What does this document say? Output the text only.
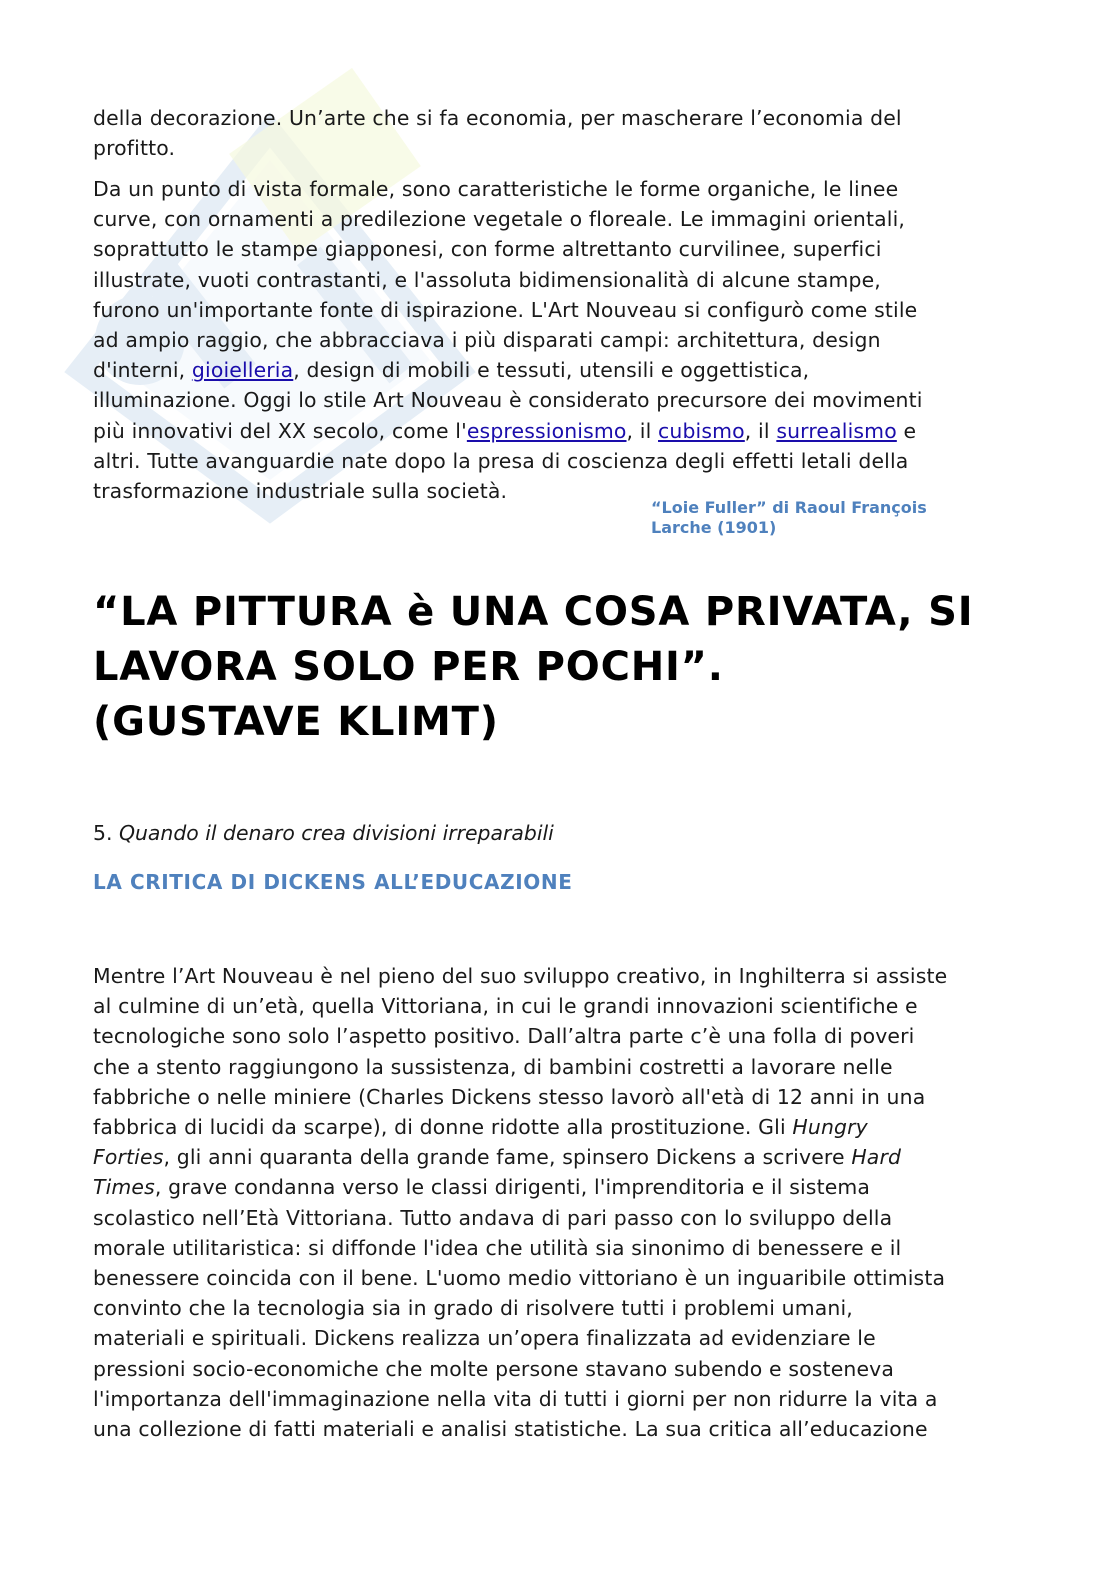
della decorazione. Un’arte che si fa economia, per mascherare l’economia del

profitto.

Da un punto di vista formale, sono caratteristiche le forme organiche, le linee

curve, con ornamenti a predilezione vegetale o floreale. Le immagini orientali,

soprattutto le stampe giapponesi, con forme altrettanto curvilinee, superfici

illustrate, vuoti contrastanti, e l'assoluta bidimensionalità di alcune stampe,

furono un'importante fonte di ispirazione. L'Art Nouveau si configurò come stile

ad ampio raggio, che abbracciava i più disparati campi: architettura, design

d'interni, gioielleria, design di mobili e tessuti, utensili e oggettistica,

illuminazione. Oggi lo stile Art Nouveau è considerato precursore dei movimenti

più innovativi del XX secolo, come l'espressionismo, il cubismo, il surrealismo e

altri. Tutte avanguardie nate dopo la presa di coscienza degli effetti letali della

trasformazione industriale sulla società.

“Loie Fuller” di Raoul François
Larche (1901)
“LA PITTURA è UNA COSA PRIVATA, SI
LAVORA SOLO PER POCHI”.
(GUSTAVE KLIMT)
5. Quando il denaro crea divisioni irreparabili
LA CRITICA DI DICKENS ALL’EDUCAZIONE

Mentre l’Art Nouveau è nel pieno del suo sviluppo creativo, in Inghilterra si assiste

al culmine di un’età, quella Vittoriana, in cui le grandi innovazioni scientifiche e

tecnologiche sono solo l’aspetto positivo. Dall’altra parte c’è una folla di poveri

che a stento raggiungono la sussistenza, di bambini costretti a lavorare nelle

fabbriche o nelle miniere (Charles Dickens stesso lavorò all'età di 12 anni in una

fabbrica di lucidi da scarpe), di donne ridotte alla prostituzione. Gli Hungry

Forties, gli anni quaranta della grande fame, spinsero Dickens a scrivere Hard

Times, grave condanna verso le classi dirigenti, l'imprenditoria e il sistema

scolastico nell’Età Vittoriana. Tutto andava di pari passo con lo sviluppo della

morale utilitaristica: si diffonde l'idea che utilità sia sinonimo di benessere e il

benessere coincida con il bene. L'uomo medio vittoriano è un inguaribile ottimista

convinto che la tecnologia sia in grado di risolvere tutti i problemi umani,

materiali e spirituali. Dickens realizza un’opera finalizzata ad evidenziare le

pressioni socio-economiche che molte persone stavano subendo e sosteneva

l'importanza dell'immaginazione nella vita di tutti i giorni per non ridurre la vita a

una collezione di fatti materiali e analisi statistiche. La sua critica all’educazione
